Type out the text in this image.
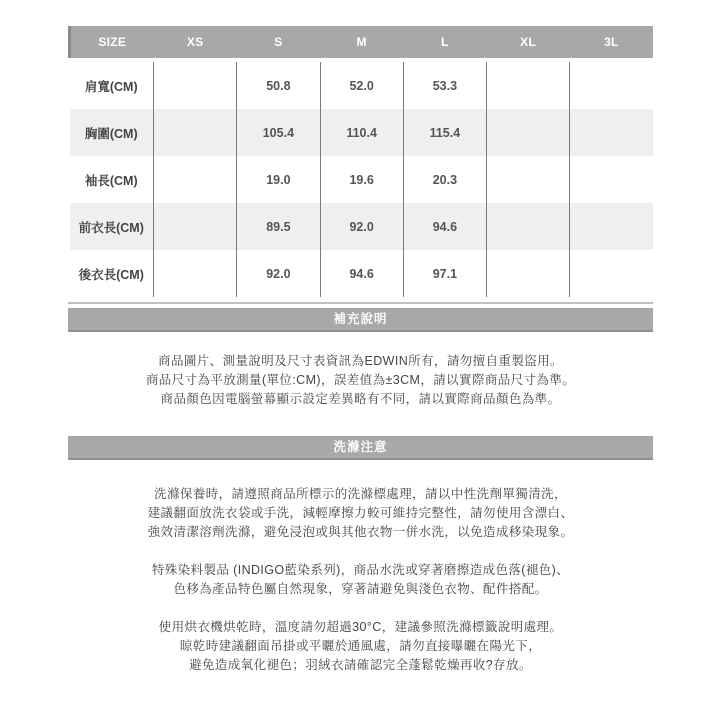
SIZE	XS	S	M	L	XL	3L
肩寬(CM)		50.8	52.0	53.3		
胸圍(CM)		105.4	110.4	115.4		
袖長(CM)		19.0	19.6	20.3		
前衣長(CM)		89.5	92.0	94.6		
後衣長(CM)		92.0	94.6	97.1		
補充說明
商品圖片、測量說明及尺寸表資訊為EDWIN所有，請勿擅自重製盜用。
商品尺寸為平放測量(單位:CM)，誤差值為±3CM，請以實際商品尺寸為準。
商品顏色因電腦螢幕顯示設定差異略有不同，請以實際商品顏色為準。
洗滌注意
洗滌保養時，請遵照商品所標示的洗滌標處理，請以中性洗劑單獨清洗，
建議翻面放洗衣袋或手洗，減輕摩擦力較可維持完整性，請勿使用含漂白、
強效清潔溶劑洗滌，避免浸泡或與其他衣物一併水洗，以免造成移染現象。
特殊染料製品 (INDIGO藍染系列)，商品水洗或穿著磨擦造成色落(褪色)、
色移為產品特色屬自然現象，穿著請避免與淺色衣物、配件搭配。
使用烘衣機烘乾時，溫度請勿超過30°C，建議參照洗滌標籤說明處理。
晾乾時建議翻面吊掛或平曬於通風處，請勿直接曝曬在陽光下，
避免造成氧化褪色；羽絨衣請確認完全蓬鬆乾燥再收?存放。
